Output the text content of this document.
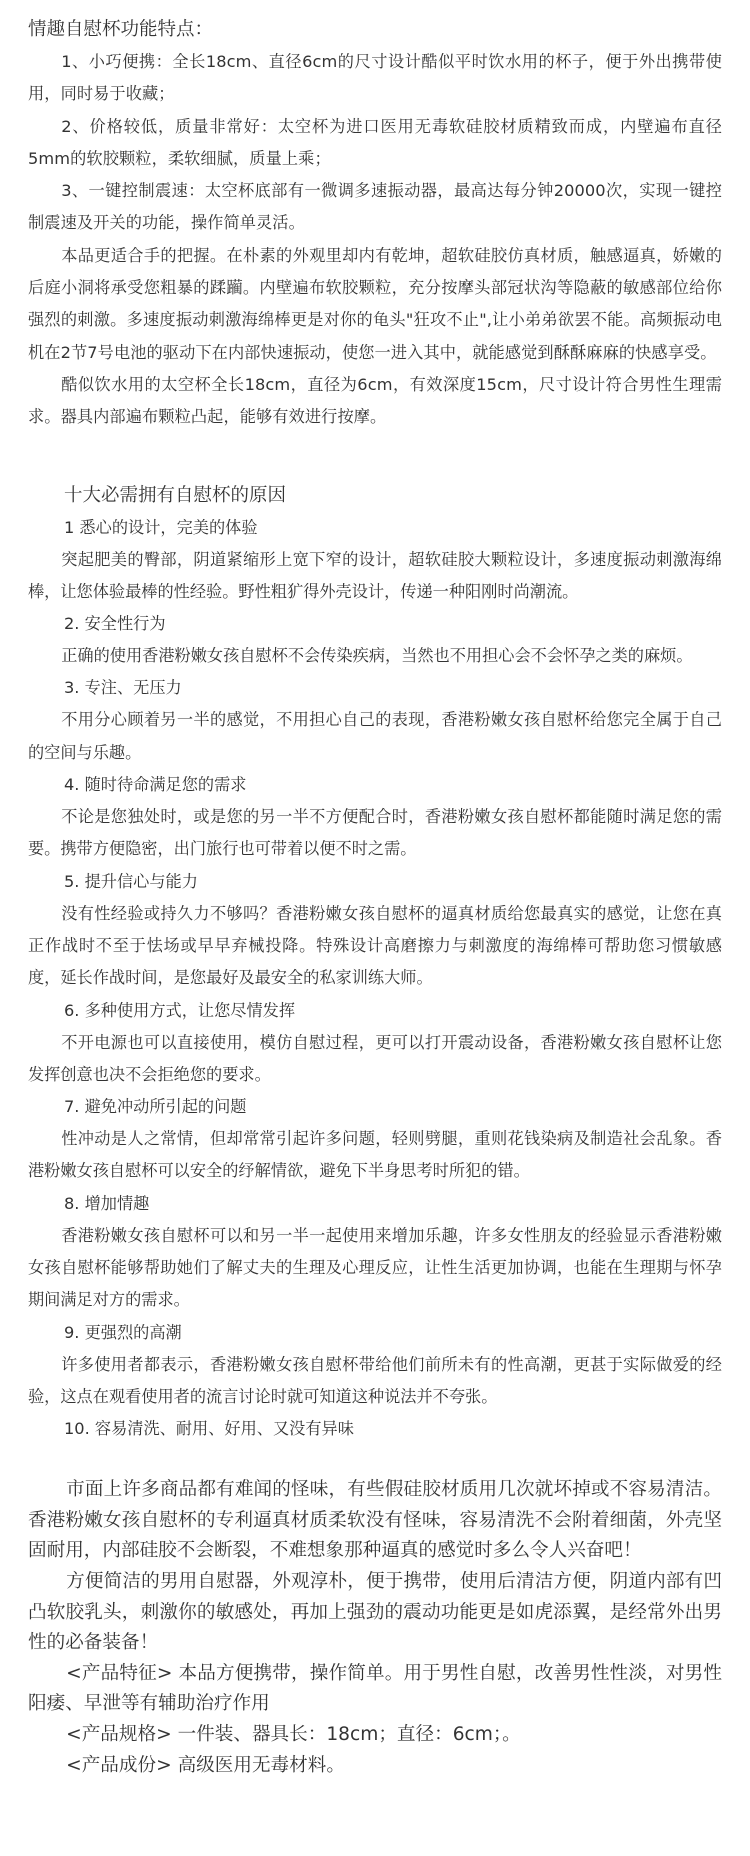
情趣自慰杯功能特点：

1、小巧便携：全长18cm、直径6cm的尺寸设计酷似平时饮水用的杯子，便于外出携带使用，同时易于收藏；

2、价格较低，质量非常好：太空杯为进口医用无毒软硅胶材质精致而成，内壁遍布直径5mm的软胶颗粒，柔软细腻，质量上乘；

3、一键控制震速：太空杯底部有一微调多速振动器，最高达每分钟20000次，实现一键控制震速及开关的功能，操作简单灵活。

本品更适合手的把握。在朴素的外观里却内有乾坤，超软硅胶仿真材质，触感逼真，娇嫩的后庭小洞将承受您粗暴的蹂躏。内壁遍布软胶颗粒，充分按摩头部冠状沟等隐蔽的敏感部位给你强烈的刺激。多速度振动刺激海绵棒更是对你的龟头"狂攻不止",让小弟弟欲罢不能。高频振动电机在2节7号电池的驱动下在内部快速振动，使您一进入其中，就能感觉到酥酥麻麻的快感享受。

酷似饮水用的太空杯全长18cm，直径为6cm，有效深度15cm，尺寸设计符合男性生理需求。器具内部遍布颗粒凸起，能够有效进行按摩。

十大必需拥有自慰杯的原因

1 悉心的设计，完美的体验

突起肥美的臀部，阴道紧缩形上宽下窄的设计，超软硅胶大颗粒设计，多速度振动刺激海绵棒，让您体验最棒的性经验。野性粗犷得外壳设计，传递一种阳刚时尚潮流。

2. 安全性行为

正确的使用香港粉嫩女孩自慰杯不会传染疾病，当然也不用担心会不会怀孕之类的麻烦。

3. 专注、无压力

不用分心顾着另一半的感觉，不用担心自己的表现，香港粉嫩女孩自慰杯给您完全属于自己的空间与乐趣。

4. 随时待命满足您的需求

不论是您独处时，或是您的另一半不方便配合时，香港粉嫩女孩自慰杯都能随时满足您的需要。携带方便隐密，出门旅行也可带着以便不时之需。

5. 提升信心与能力

没有性经验或持久力不够吗？香港粉嫩女孩自慰杯的逼真材质给您最真实的感觉，让您在真正作战时不至于怯场或早早弃械投降。特殊设计高磨擦力与刺激度的海绵棒可帮助您习惯敏感度，延长作战时间，是您最好及最安全的私家训练大师。

6. 多种使用方式，让您尽情发挥

不开电源也可以直接使用，模仿自慰过程，更可以打开震动设备，香港粉嫩女孩自慰杯让您发挥创意也决不会拒绝您的要求。

7. 避免冲动所引起的问题

性冲动是人之常情，但却常常引起许多问题，轻则劈腿，重则花钱染病及制造社会乱象。香港粉嫩女孩自慰杯可以安全的纾解情欲，避免下半身思考时所犯的错。

8. 增加情趣

香港粉嫩女孩自慰杯可以和另一半一起使用来增加乐趣，许多女性朋友的经验显示香港粉嫩女孩自慰杯能够帮助她们了解丈夫的生理及心理反应，让性生活更加协调，也能在生理期与怀孕期间满足对方的需求。

9. 更强烈的高潮

许多使用者都表示，香港粉嫩女孩自慰杯带给他们前所未有的性高潮，更甚于实际做爱的经验，这点在观看使用者的流言讨论时就可知道这种说法并不夸张。

10. 容易清洗、耐用、好用、又没有异味

市面上许多商品都有难闻的怪味，有些假硅胶材质用几次就坏掉或不容易清洁。香港粉嫩女孩自慰杯的专利逼真材质柔软没有怪味，容易清洗不会附着细菌，外壳坚固耐用，内部硅胶不会断裂，不难想象那种逼真的感觉时多么令人兴奋吧！

方便简洁的男用自慰器，外观淳朴，便于携带，使用后清洁方便，阴道内部有凹凸软胶乳头，刺激你的敏感处，再加上强劲的震动功能更是如虎添翼，是经常外出男性的必备装备！

<产品特征> 本品方便携带，操作简单。用于男性自慰，改善男性性淡，对男性阳痿、早泄等有辅助治疗作用

<产品规格> 一件装、器具长：18cm；直径：6cm；。

<产品成份> 高级医用无毒材料。
